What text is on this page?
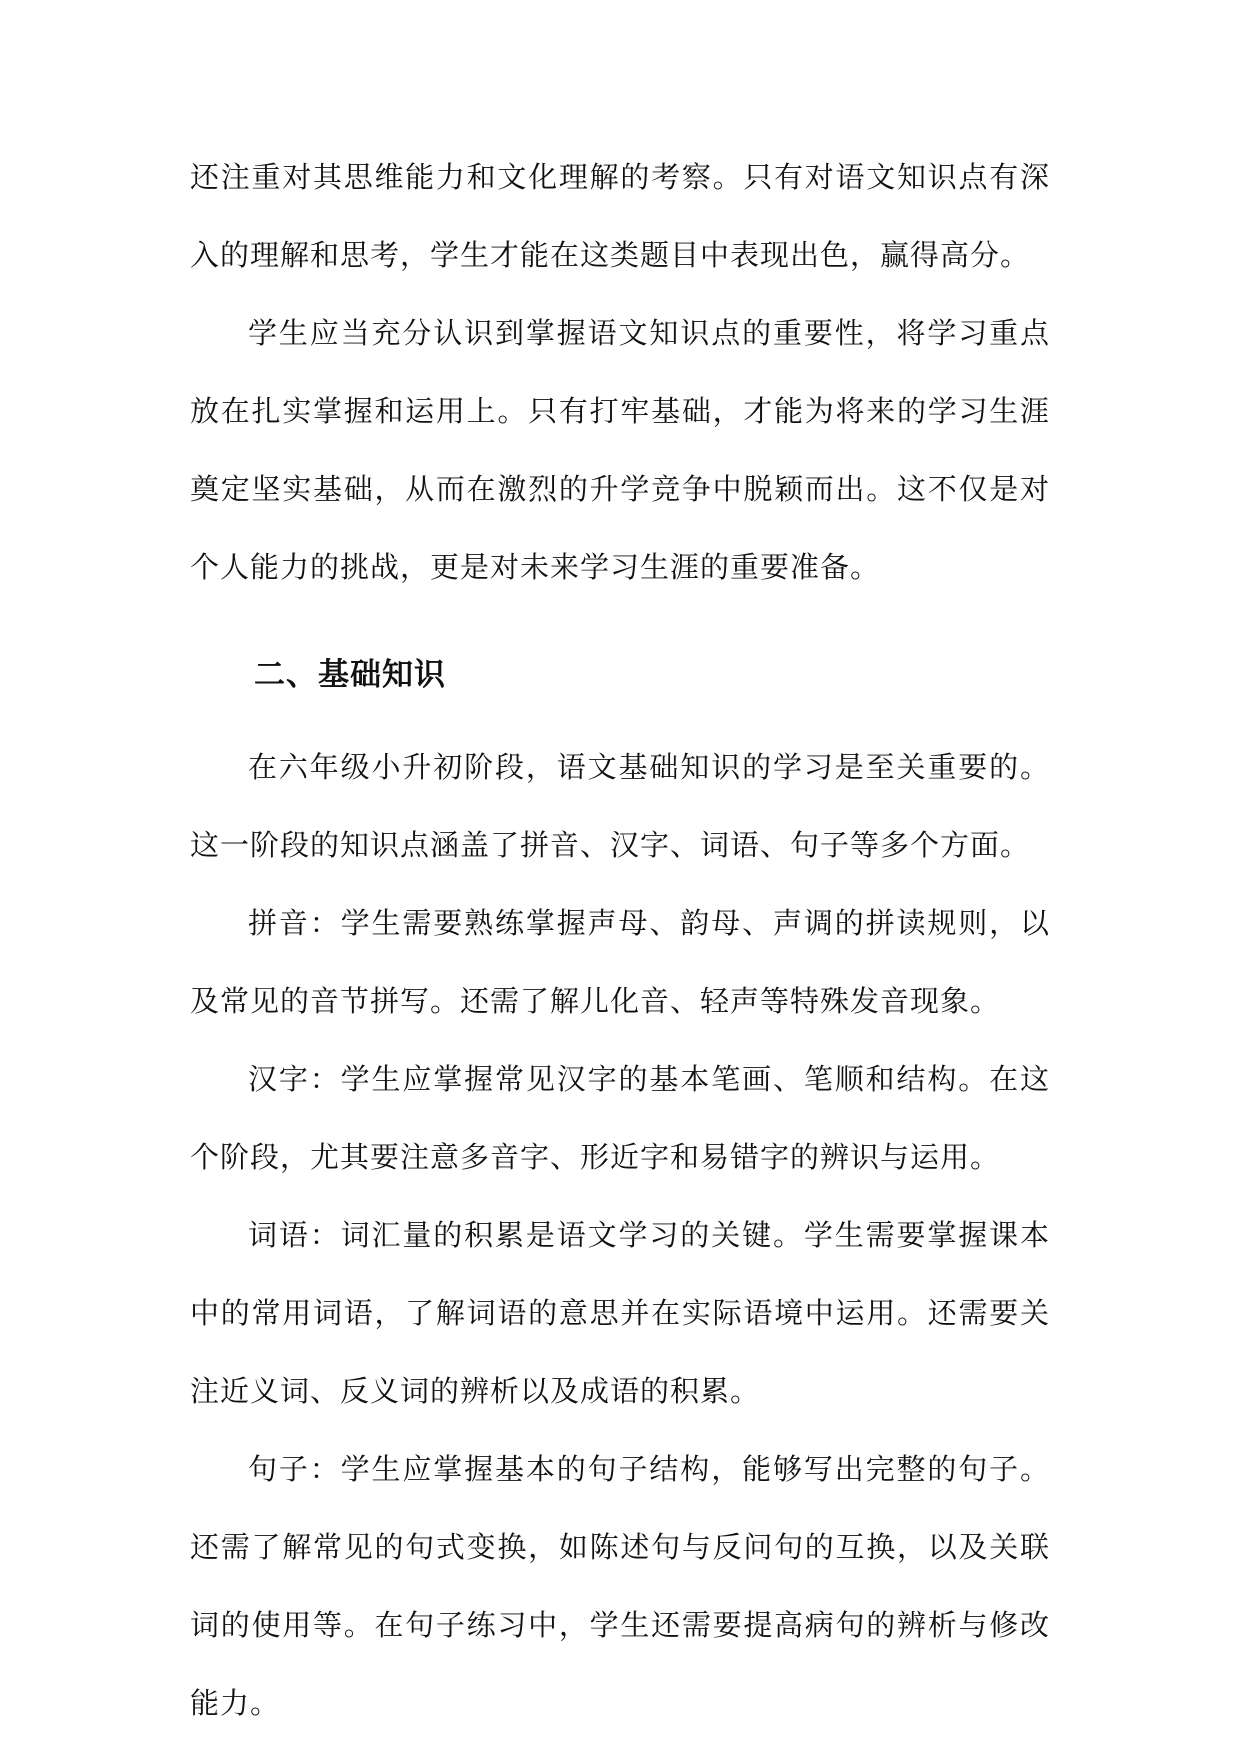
还注重对其思维能力和文化理解的考察。只有对语文知识点有深入的理解和思考，学生才能在这类题目中表现出色，赢得高分。

学生应当充分认识到掌握语文知识点的重要性，将学习重点放在扎实掌握和运用上。只有打牢基础，才能为将来的学习生涯奠定坚实基础，从而在激烈的升学竞争中脱颖而出。这不仅是对个人能力的挑战，更是对未来学习生涯的重要准备。

二、基础知识

在六年级小升初阶段，语文基础知识的学习是至关重要的。这一阶段的知识点涵盖了拼音、汉字、词语、句子等多个方面。

拼音：学生需要熟练掌握声母、韵母、声调的拼读规则，以及常见的音节拼写。还需了解儿化音、轻声等特殊发音现象。

汉字：学生应掌握常见汉字的基本笔画、笔顺和结构。在这个阶段，尤其要注意多音字、形近字和易错字的辨识与运用。

词语：词汇量的积累是语文学习的关键。学生需要掌握课本中的常用词语，了解词语的意思并在实际语境中运用。还需要关注近义词、反义词的辨析以及成语的积累。

句子：学生应掌握基本的句子结构，能够写出完整的句子。还需了解常见的句式变换，如陈述句与反问句的互换，以及关联词的使用等。在句子练习中，学生还需要提高病句的辨析与修改能力。
